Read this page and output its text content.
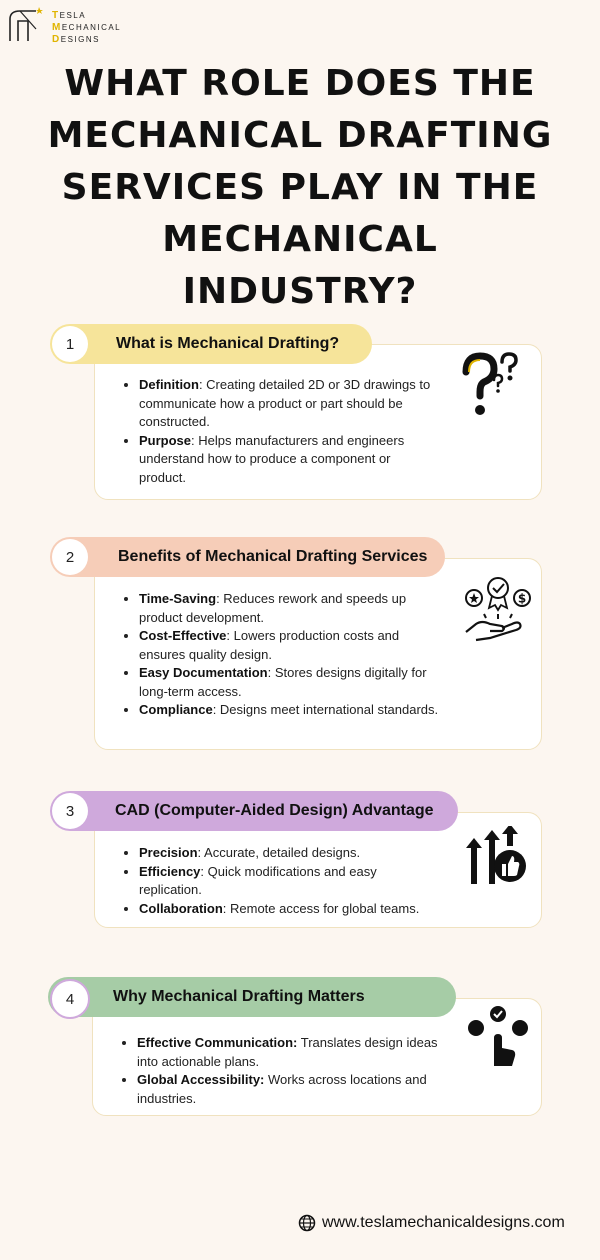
TESLA
MECHANICAL
DESIGNS
WHAT ROLE DOES THE
MECHANICAL DRAFTING
SERVICES PLAY IN THE
MECHANICAL
INDUSTRY?
What is Mechanical Drafting?
1
• Definition: Creating detailed 2D or 3D drawings to communicate how a product or part should be constructed.
• Purpose: Helps manufacturers and engineers understand how to produce a component or product.
Benefits of Mechanical Drafting Services
2
• Time-Saving: Reduces rework and speeds up product development.
• Cost-Effective: Lowers production costs and ensures quality design.
• Easy Documentation: Stores designs digitally for long-term access.
• Compliance: Designs meet international standards.
$
CAD (Computer-Aided Design) Advantage
3
• Precision: Accurate, detailed designs.
• Efficiency: Quick modifications and easy replication.
• Collaboration: Remote access for global teams.
Why Mechanical Drafting Matters
4
• Effective Communication: Translates design ideas into actionable plans.
• Global Accessibility: Works across locations and industries.
www.teslamechanicaldesigns.com
